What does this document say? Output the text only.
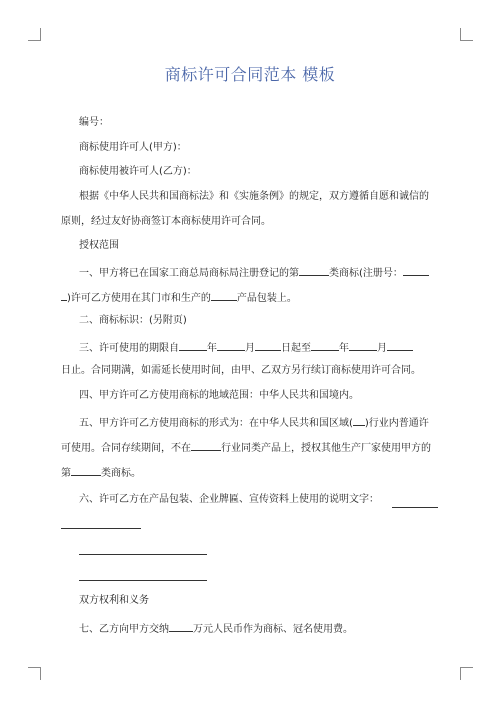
商标许可合同范本 模板
编号：
商标使用许可人(甲方)：
商标使用被许可人(乙方)：
根据《中华人民共和国商标法》和《实施条例》的规定，双方遵循自愿和诚信的
原则，经过友好协商签订本商标使用许可合同。
授权范围
一、甲方将已在国家工商总局商标局注册登记的第	类商标(注册号：
)许可乙方使用在其门市和生产的	产品包装上。
二、商标标识：(另附页)
三、许可使用的期限自	年	月	日起至	年	月
日止。合同期满，如需延长使用时间，由甲、乙双方另行续订商标使用许可合同。
四、甲方许可乙方使用商标的地域范围：中华人民共和国境内。
五、甲方许可乙方使用商标的形式为：在中华人民共和国区域( )行业内普通许
可使用。合同存续期间，不在	行业同类产品上，授权其他生产厂家使用甲方的
第	类商标。
六、许可乙方在产品包装、企业牌匾、宣传资料上使用的说明文字：
双方权利和义务
七、乙方向甲方交纳 万元人民币作为商标、冠名使用费。
